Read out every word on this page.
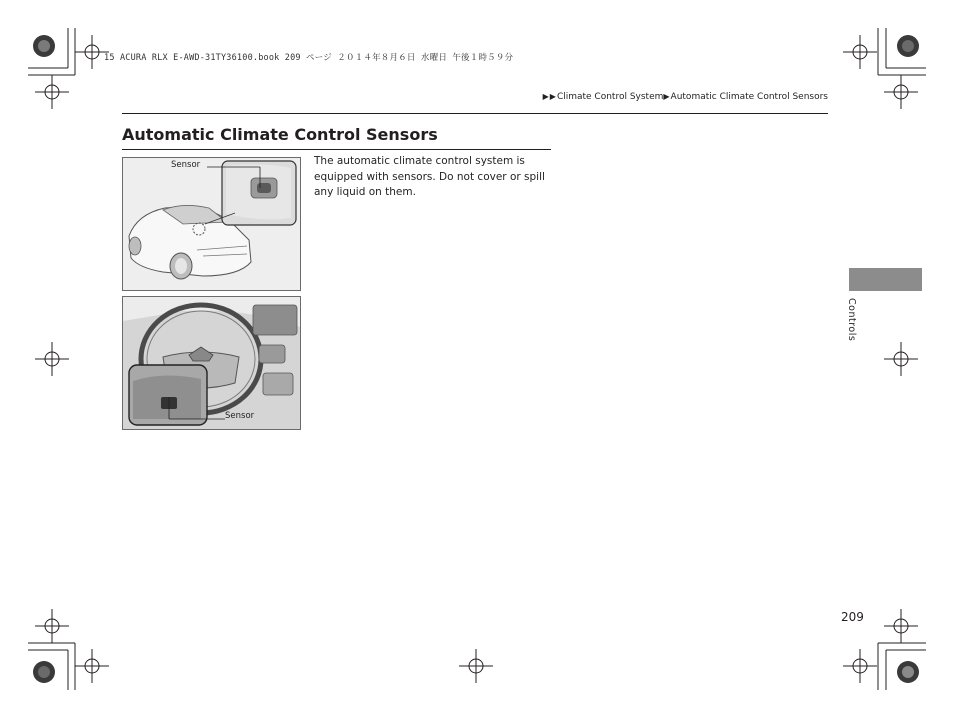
15 ACURA RLX E-AWD-31TY36100.book 209 ページ ２０１４年８月６日 水曜日 午後１時５９分
▶▶Climate Control System▶Automatic Climate Control Sensors
Automatic Climate Control Sensors
The automatic climate control system is equipped with sensors. Do not cover or spill any liquid on them.
Sensor
Sensor
Controls
209
